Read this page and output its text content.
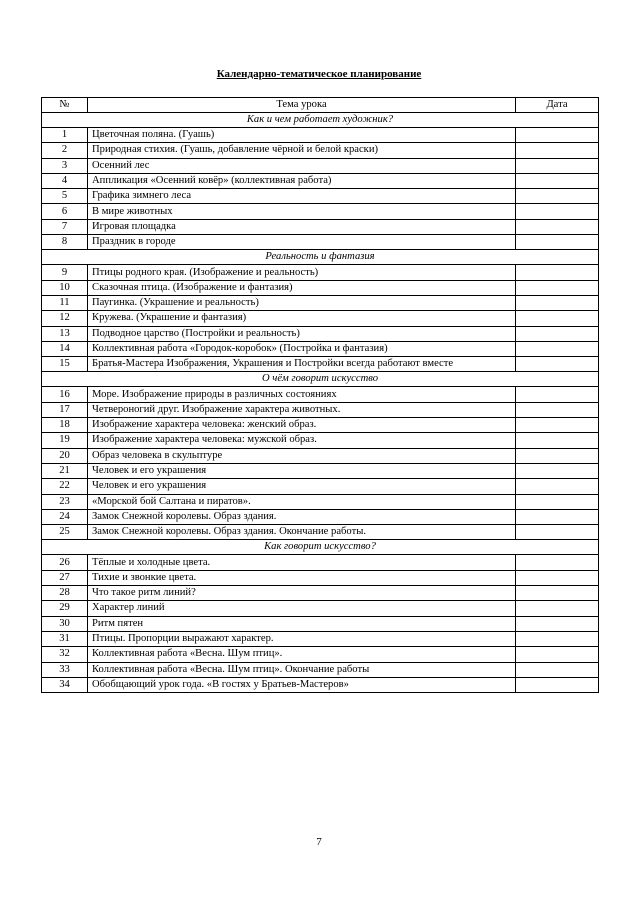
Календарно-тематическое планирование
№	Тема урока	Дата
Как и чем работает художник?		
1	Цветочная поляна. (Гуашь)	

2	Природная стихия. (Гуашь, добавление чёрной и белой краски)	

3	Осенний лес	

4	Аппликация «Осенний ковёр» (коллективная работа)	

5	Графика зимнего леса	

6	В мире животных	

7	Игровая площадка	

8	Праздник в городе	

Реальность и фантазия		
9	Птицы родного края. (Изображение и реальность)	

10	Сказочная птица. (Изображение и фантазия)	

11	Паугинка. (Украшение и реальность)	

12	Кружева. (Украшение и фантазия)	

13	Подводное царство (Постройки и реальность)	

14	Коллективная работа «Городок-коробок» (Постройка и фантазия)	

15	Братья-Мастера Изображения, Украшения и Постройки всегда работают вместе	

О чём говорит искусство		
16	Море. Изображение природы в различных состояниях	

17	Четвероногий друг. Изображение характера животных.	

18	Изображение характера человека: женский образ.	

19	Изображение характера человека: мужской образ.	

20	Образ человека в скульптуре	

21	Человек и его украшения	

22	Человек и его украшения	

23	«Морской бой Салтана и пиратов».	

24	Замок Снежной королевы. Образ здания.	

25	Замок Снежной королевы. Образ здания. Окончание работы.	

Как говорит искусство?		
26	Тёплые и холодные цвета.	

27	Тихие и звонкие цвета.	

28	Что такое ритм линий?	

29	Характер линий	

30	Ритм пятен	

31	Птицы. Пропорции выражают характер.	

32	Коллективная работа «Весна. Шум птиц».	

33	Коллективная работа «Весна. Шум птиц». Окончание работы	

34	Обобщающий урок года. «В гостях у Братьев-Мастеров»	

7
